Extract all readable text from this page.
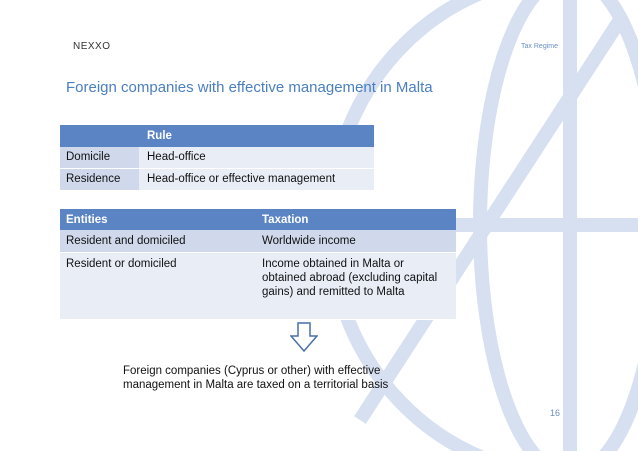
NEXXO	Tax Regime
Foreign companies with effective management in Malta
	Rule
Domicile	Head-office
Residence	Head-office or effective management
Entities	Taxation
Resident and domiciled	Worldwide income
Resident or domiciled	Income obtained in Malta or obtained abroad (excluding capital gains) and remitted to Malta
Foreign companies (Cyprus or other) with effective management in Malta are taxed on a territorial basis
16
